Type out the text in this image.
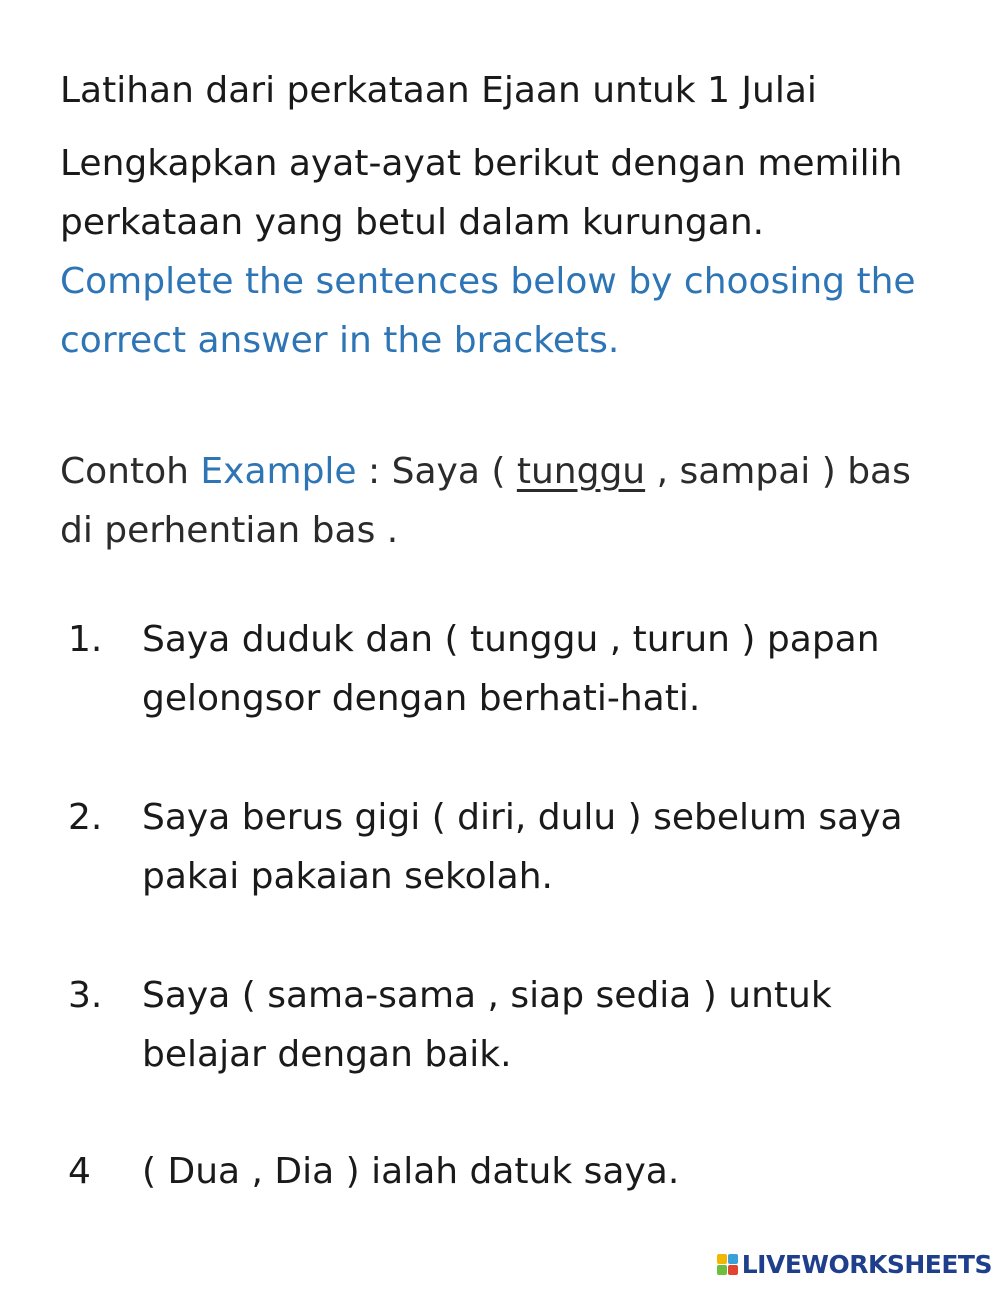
Latihan dari perkataan Ejaan untuk 1 Julai
Lengkapkan ayat-ayat berikut dengan memilih perkataan yang betul dalam kurungan.    Complete the sentences below by choosing the correct answer in the brackets.
Contoh Example : Saya ( tunggu , sampai ) bas di perhentian bas .
1. Saya duduk dan ( tunggu , turun ) papan gelongsor dengan berhati-hati.
2. Saya berus gigi ( diri, dulu ) sebelum saya pakai pakaian sekolah.
3. Saya ( sama-sama , siap sedia ) untuk belajar dengan baik.
4 ( Dua , Dia ) ialah datuk saya.
LIVEWORKSHEETS
